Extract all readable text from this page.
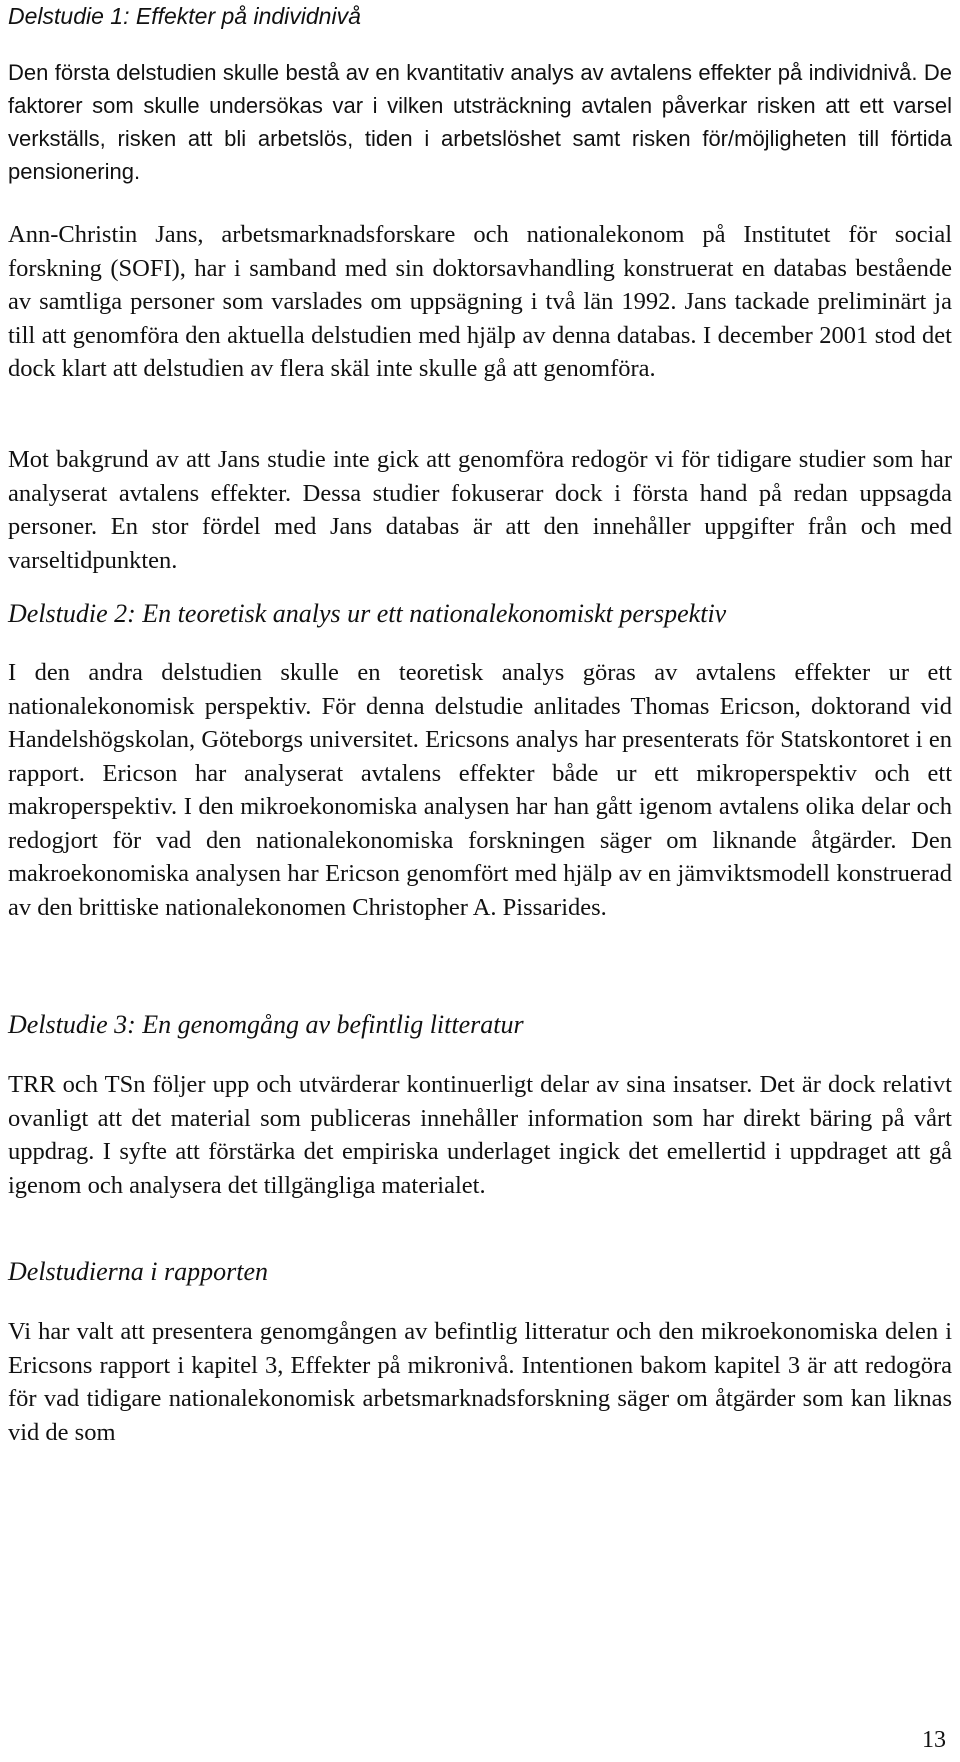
Delstudie 1: Effekter på individnivå

Den första delstudien skulle bestå av en kvantitativ analys av avtalens effekter på individnivå. De faktorer som skulle undersökas var i vilken utsträckning avtalen påverkar risken att ett varsel verkställs, risken att bli arbetslös, tiden i arbetslöshet samt risken för/möjligheten till förtida pensionering.

Ann-Christin Jans, arbetsmarknadsforskare och nationalekonom på Institutet för social forskning (SOFI), har i samband med sin doktorsavhandling konstruerat en databas bestående av samtliga personer som varslades om uppsägning i två län 1992. Jans tackade preliminärt ja till att genomföra den aktuella delstudien med hjälp av denna databas. I december 2001 stod det dock klart att delstudien av flera skäl inte skulle gå att genomföra.

Mot bakgrund av att Jans studie inte gick att genomföra redogör vi för tidigare studier som har analyserat avtalens effekter. Dessa studier fokuserar dock i första hand på redan uppsagda personer. En stor fördel med Jans databas är att den innehåller uppgifter från och med varseltidpunkten.

Delstudie 2: En teoretisk analys ur ett nationalekonomiskt perspektiv

I den andra delstudien skulle en teoretisk analys göras av avtalens effekter ur ett nationalekonomisk perspektiv. För denna delstudie anlitades Thomas Ericson, doktorand vid Handelshögskolan, Göteborgs universitet. Ericsons analys har presenterats för Statskontoret i en rapport. Ericson har analyserat avtalens effekter både ur ett mikroperspektiv och ett makroperspektiv. I den mikroekonomiska analysen har han gått igenom avtalens olika delar och redogjort för vad den nationalekonomiska forskningen säger om liknande åtgärder. Den makroekonomiska analysen har Ericson genomfört med hjälp av en jämviktsmodell konstruerad av den brittiske nationalekonomen Christopher A. Pissarides.

Delstudie 3: En genomgång av befintlig litteratur

TRR och TSn följer upp och utvärderar kontinuerligt delar av sina insatser. Det är dock relativt ovanligt att det material som publiceras innehåller information som har direkt bäring på vårt uppdrag. I syfte att förstärka det empiriska underlaget ingick det emellertid i uppdraget att gå igenom och analysera det tillgängliga materialet.

Delstudierna i rapporten

Vi har valt att presentera genomgången av befintlig litteratur och den mikroekonomiska delen i Ericsons rapport i kapitel 3, Effekter på mikronivå. Intentionen bakom kapitel 3 är att redogöra för vad tidigare nationalekonomisk arbetsmarknadsforskning säger om åtgärder som kan liknas vid de som

13
